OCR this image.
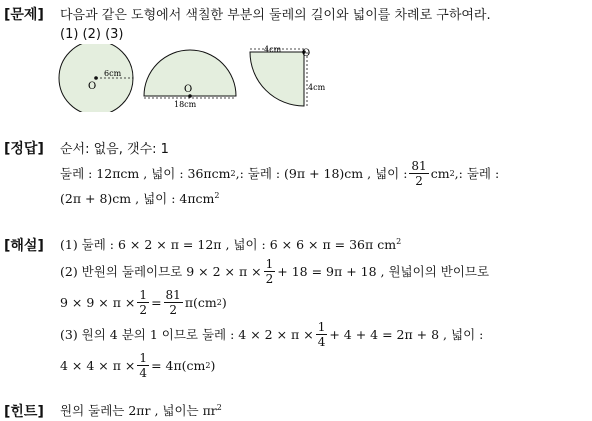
[문제] 다음과 같은 도형에서 색칠한 부분의 둘레의 길이와 넓이를 차례로 구하여라.
(1) (2) (3)
O
6cm
O
18cm
4cm O
4cm
[정답] 순서: 없음, 갯수: 1
둘레 : 12πcm , 넓이 : 36πcm 2 ,: 둘레 : (9π + 18)cm , 넓이 : $\frac{81}{2}$ cm 2 ,: 둘레 :
(2π + 8)cm , 넓이 : 4πcm$^2$
[해설] (1) 둘레 : 6 × 2 × π = 12π , 넓이 : 6 × 6 × π = 36π $cm^2$
(2) 반원의 둘레이므로 $9 \times 2 \times \pi \times \frac{1}{2} + 18 = 9\pi + 18$ , 원넓이의 반이므로
$9 \times 9 \times \pi \times \frac{1}{2} = \frac{81}{2} \pi(cm$ 2 )
(3) 원의 4 분의 1 이므로 둘레 : $4 \times 2 \times \pi \times \frac{1}{4} + 4 + 4 = 2\pi + 8$ , 넓이 :
$4 \times 4 \times \pi \times \frac{1}{4} = 4\pi(cm$ 2 )
[힌트] 원의 둘레는 2πr , 넓이는 $\pi r^2$
